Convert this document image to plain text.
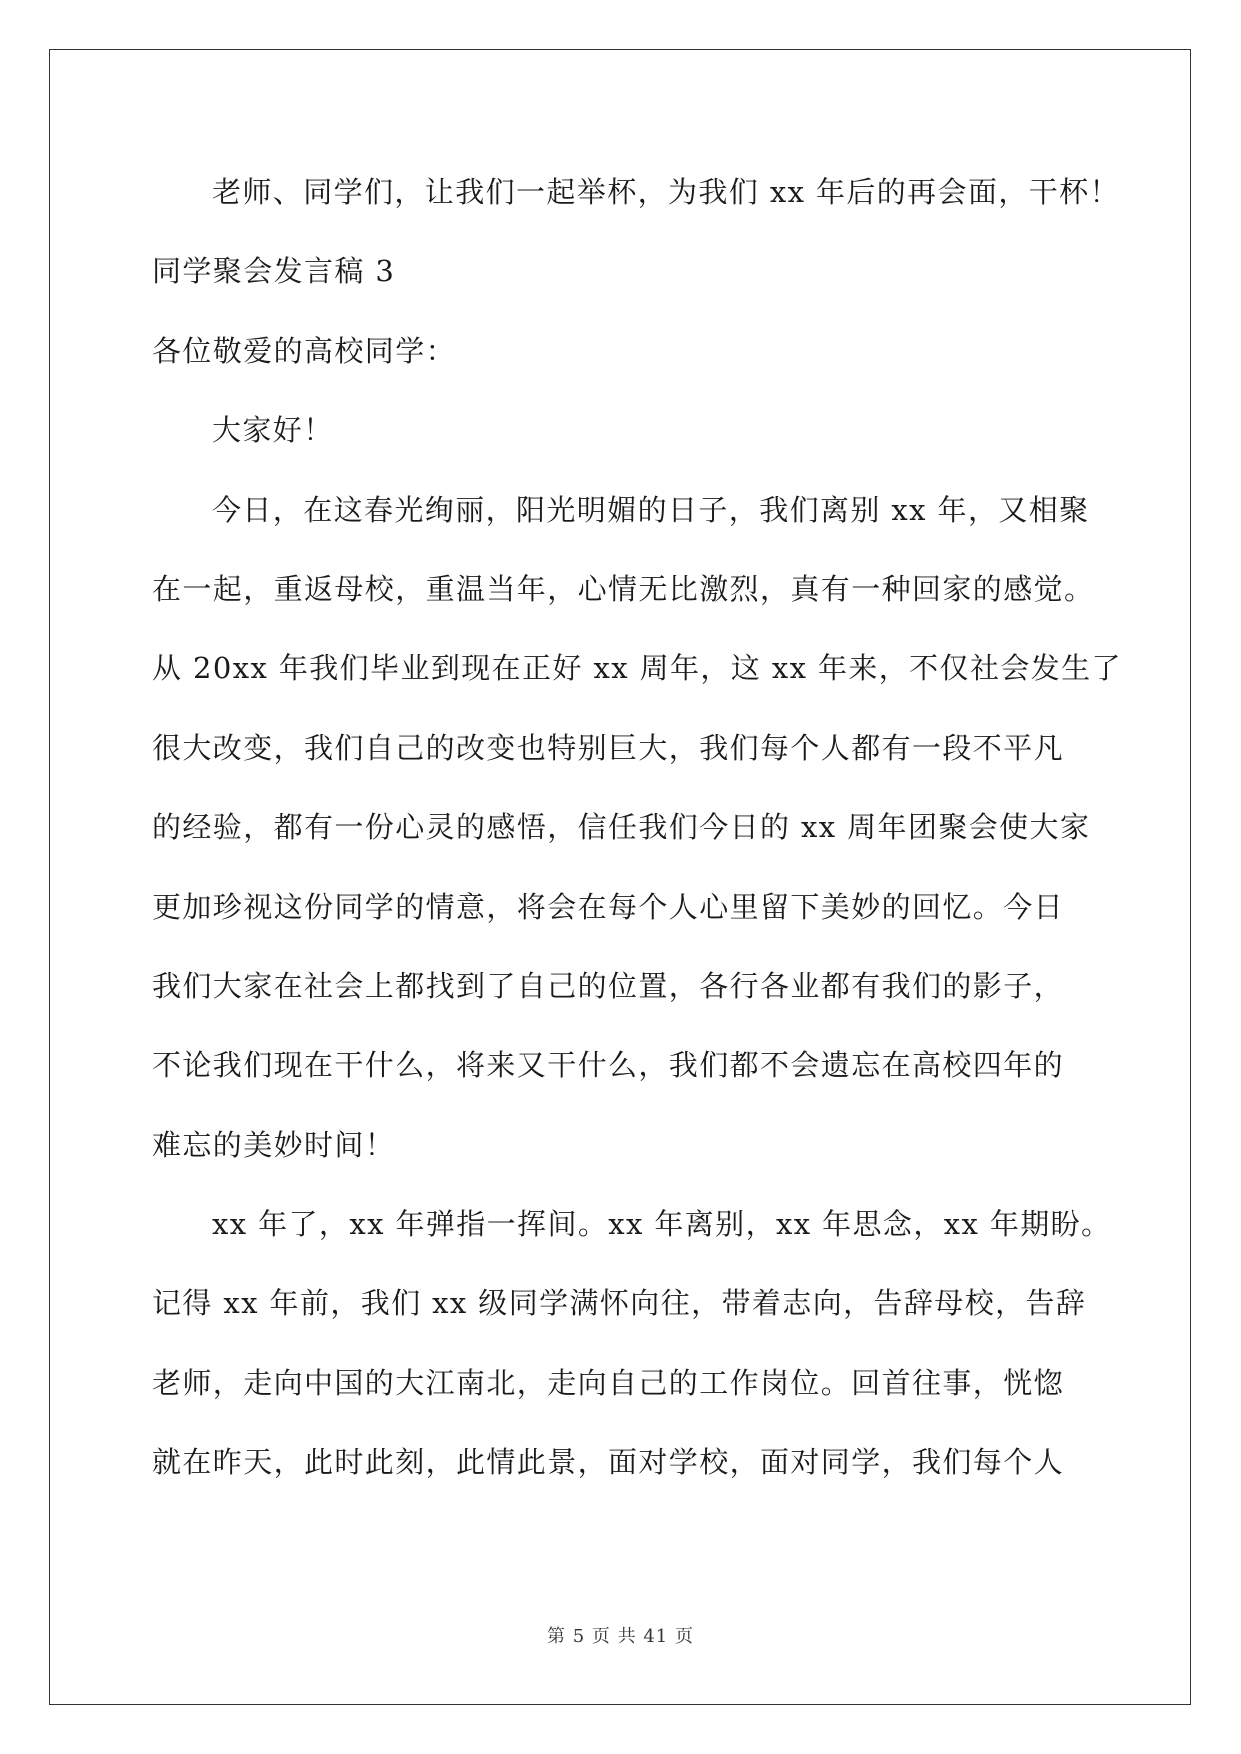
老师、同学们，让我们一起举杯，为我们 xx 年后的再会面，干杯！
同学聚会发言稿 3
各位敬爱的高校同学：
大家好！
今日，在这春光绚丽，阳光明媚的日子，我们离别 xx 年，又相聚
在一起，重返母校，重温当年，心情无比激烈，真有一种回家的感觉。
从 20xx 年我们毕业到现在正好 xx 周年，这 xx 年来，不仅社会发生了
很大改变，我们自己的改变也特别巨大，我们每个人都有一段不平凡
的经验，都有一份心灵的感悟，信任我们今日的 xx 周年团聚会使大家
更加珍视这份同学的情意，将会在每个人心里留下美妙的回忆。今日
我们大家在社会上都找到了自己的位置，各行各业都有我们的影子，
不论我们现在干什么，将来又干什么，我们都不会遗忘在高校四年的
难忘的美妙时间！
xx 年了，xx 年弹指一挥间。xx 年离别，xx 年思念，xx 年期盼。
记得 xx 年前，我们 xx 级同学满怀向往，带着志向，告辞母校，告辞
老师，走向中国的大江南北，走向自己的工作岗位。回首往事，恍惚
就在昨天，此时此刻，此情此景，面对学校，面对同学，我们每个人
第 5 页 共 41 页
